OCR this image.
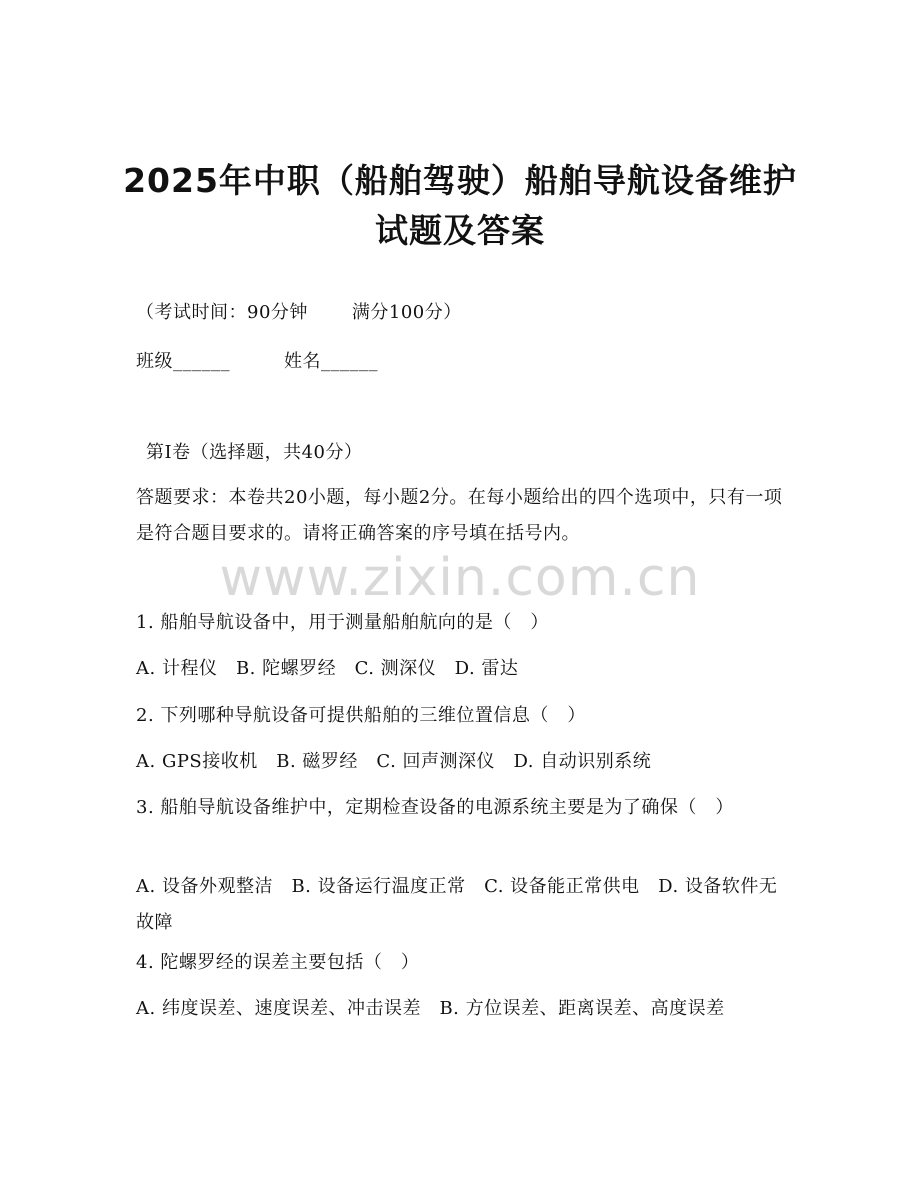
2025年中职（船舶驾驶）船舶导航设备维护
试题及答案
（考试时间：90分钟 满分100分）
班级______	姓名______
第Ⅰ卷（选择题，共40分）
答题要求：本卷共20小题，每小题2分。在每小题给出的四个选项中，只有一项是符合题目要求的。请将正确答案的序号填在括号内。
www.zixin.com.cn
1. 船舶导航设备中，用于测量船舶航向的是（　）
A. 计程仪　B. 陀螺罗经　C. 测深仪　D. 雷达
2. 下列哪种导航设备可提供船舶的三维位置信息（　）
A. GPS接收机　B. 磁罗经　C. 回声测深仪　D. 自动识别系统
3. 船舶导航设备维护中，定期检查设备的电源系统主要是为了确保（　）
A. 设备外观整洁　B. 设备运行温度正常　C. 设备能正常供电　D. 设备软件无故障
4. 陀螺罗经的误差主要包括（　）
A. 纬度误差、速度误差、冲击误差　B. 方位误差、距离误差、高度误差
